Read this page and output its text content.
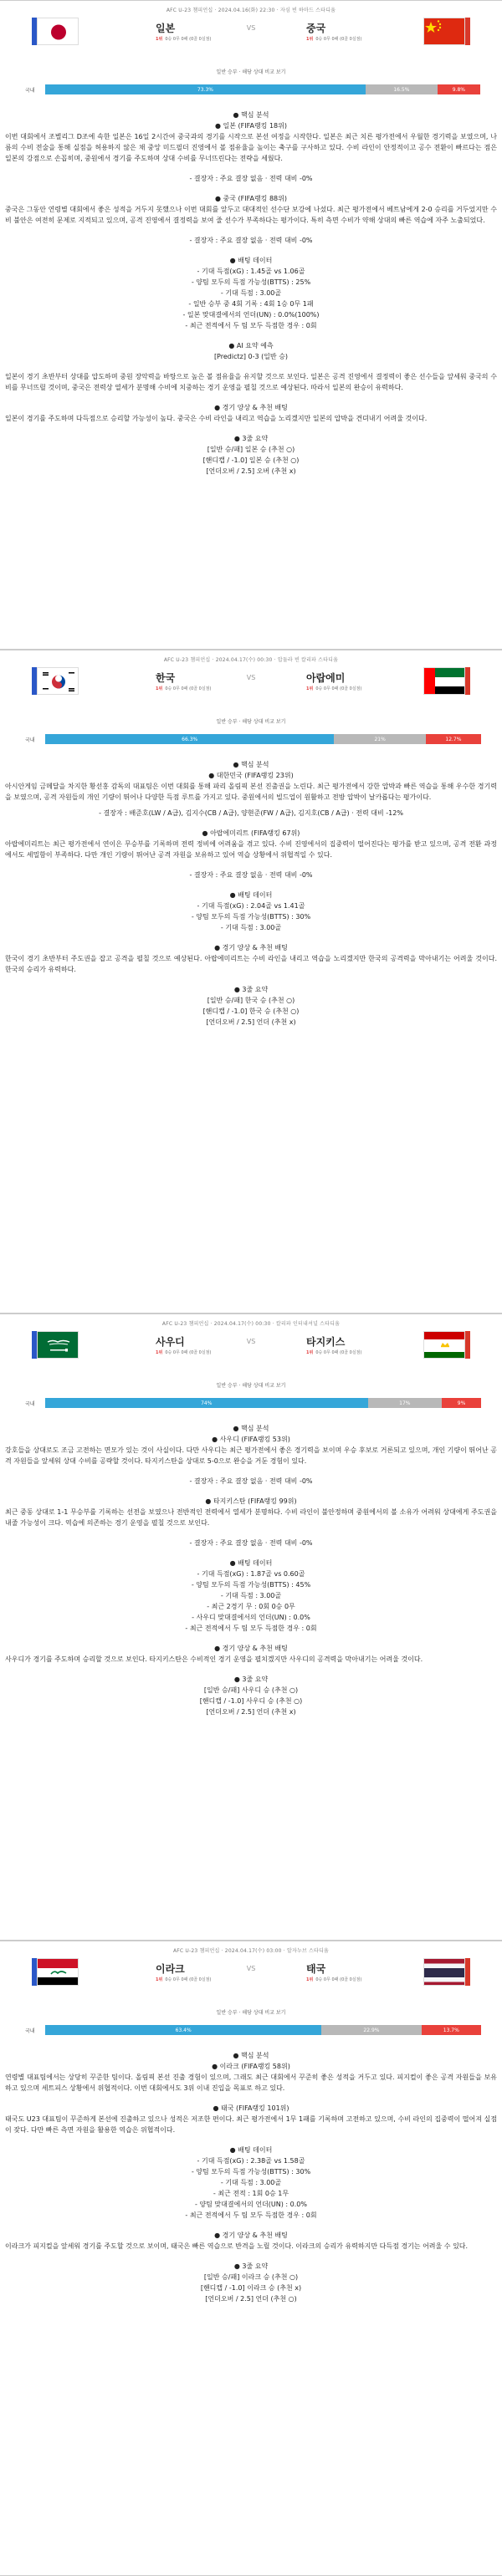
AFC U-23 챔피언십 · 2024.04.16(화) 22:30 · 자심 빈 하마드 스타디움
일본
1위 0승 0무 0패 (0골 0실점)
VS	중국
1위 0승 0무 0패 (0골 0실점)
일반 승부 · 해당 상대 비교 보기
국내	73.3%	16.5%	9.8%
● 핵심 분석
● 일본 (FIFA랭킹 18위)
이번 대회에서 조별리그 D조에 속한 일본은 16일 2시간여 중국과의 경기를 시작으로 본선 여정을 시작한다. 일본은 최근 치른 평가전에서 우월한 경기력을 보였으며, 나름의 수비 전술을 통해 실점을 허용하지 않은 채 중앙 미드필더 진영에서 볼 점유율을 높이는 축구를 구사하고 있다. 수비 라인이 안정적이고 공수 전환이 빠르다는 점은 일본의 강점으로 손꼽히며, 중원에서 경기를 주도하며 상대 수비를 무너뜨린다는 전략을 세웠다.
- 결장자 : 주요 결장 없음 · 전력 대비 -0%
● 중국 (FIFA랭킹 88위)
중국은 그동안 연령별 대회에서 좋은 성적을 거두지 못했으나 이번 대회를 앞두고 대대적인 선수단 보강에 나섰다. 최근 평가전에서 베트남에게 2-0 승리를 거두었지만 수비 불안은 여전히 문제로 지적되고 있으며, 공격 진영에서 결정력을 보여 줄 선수가 부족하다는 평가이다. 특히 측면 수비가 약해 상대의 빠른 역습에 자주 노출되었다.
- 결장자 : 주요 결장 없음 · 전력 대비 -0%
● 배팅 데이터
- 기대 득점(xG) : 1.45골 vs 1.06골
- 양팀 모두의 득점 가능성(BTTS) : 25%
- 기대 득점 : 3.00골
- 일반 승부 중 4회 기록 : 4회 1승 0무 1패
- 일본 맞대결에서의 언더(UN) : 0.0%(100%)
- 최근 전적에서 두 팀 모두 득점한 경우 : 0회
● AI 요약 예측
[Predictz] 0-3 (일반 승)
일본이 경기 초반부터 상대를 압도하며 중원 장악력을 바탕으로 높은 볼 점유율을 유지할 것으로 보인다. 일본은 공격 진영에서 결정력이 좋은 선수들을 앞세워 중국의 수비를 무너뜨릴 것이며, 중국은 전력상 열세가 분명해 수비에 치중하는 경기 운영을 펼칠 것으로 예상된다. 따라서 일본의 완승이 유력하다.
● 경기 양상 & 추천 배팅
일본이 경기를 주도하며 다득점으로 승리할 가능성이 높다. 중국은 수비 라인을 내리고 역습을 노리겠지만 일본의 압박을 견뎌내기 어려울 것이다.
● 3줄 요약
[일반 승/패] 일본 승 (추천 ○)
[핸디캡 / -1.0] 일본 승 (추천 ○)
[언더오버 / 2.5] 오버 (추천 x)
AFC U-23 챔피언십 · 2024.04.17(수) 00:30 · 압둘라 빈 칼리파 스타디움
한국
1위 0승 0무 0패 (0골 0실점)
VS	아랍에미
1위 0승 0무 0패 (0골 0실점)
일반 승부 · 해당 상대 비교 보기
국내	66.3%	21%	12.7%
● 핵심 분석
● 대한민국 (FIFA랭킹 23위)
아시안게임 금메달을 차지한 황선홍 감독의 대표팀은 이번 대회를 통해 파리 올림픽 본선 진출권을 노린다. 최근 평가전에서 강한 압박과 빠른 역습을 통해 우수한 경기력을 보였으며, 공격 자원들의 개인 기량이 뛰어나 다양한 득점 루트를 가지고 있다. 중원에서의 빌드업이 원활하고 전방 압박이 날카롭다는 평가이다.
- 결장자 : 배준호(LW / A급), 김지수(CB / A급), 양현준(FW / A급), 김지호(CB / A급) · 전력 대비 -12%
● 아랍에미리트 (FIFA랭킹 67위)
아랍에미리트는 최근 평가전에서 연이은 무승부를 기록하며 전력 정비에 어려움을 겪고 있다. 수비 진영에서의 집중력이 떨어진다는 평가를 받고 있으며, 공격 전환 과정에서도 세밀함이 부족하다. 다만 개인 기량이 뛰어난 공격 자원을 보유하고 있어 역습 상황에서 위협적일 수 있다.
- 결장자 : 주요 결장 없음 · 전력 대비 -0%
● 배팅 데이터
- 기대 득점(xG) : 2.04골 vs 1.41골
- 양팀 모두의 득점 가능성(BTTS) : 30%
- 기대 득점 : 3.00골
● 경기 양상 & 추천 배팅
한국이 경기 초반부터 주도권을 잡고 공격을 펼칠 것으로 예상된다. 아랍에미리트는 수비 라인을 내리고 역습을 노리겠지만 한국의 공격력을 막아내기는 어려울 것이다. 한국의 승리가 유력하다.
● 3줄 요약
[일반 승/패] 한국 승 (추천 ○)
[핸디캡 / -1.0] 한국 승 (추천 ○)
[언더오버 / 2.5] 언더 (추천 x)
AFC U-23 챔피언십 · 2024.04.17(수) 00:30 · 칼리파 인터내셔널 스타디움
사우디
1위 0승 0무 0패 (0골 0실점)
VS	타지키스
1위 0승 0무 0패 (0골 0실점)
일반 승부 · 해당 상대 비교 보기
국내	74%	17%	9%
● 핵심 분석
● 사우디 (FIFA랭킹 53위)
강호들을 상대로도 조금 고전하는 면모가 있는 것이 사실이다. 다만 사우디는 최근 평가전에서 좋은 경기력을 보이며 우승 후보로 거론되고 있으며, 개인 기량이 뛰어난 공격 자원들을 앞세워 상대 수비를 공략할 것이다. 타지키스탄을 상대로 5-0으로 완승을 거둔 경험이 있다.
- 결장자 : 주요 결장 없음 · 전력 대비 -0%
● 타지키스탄 (FIFA랭킹 99위)
최근 중동 상대로 1-1 무승부를 기록하는 선전을 보였으나 전반적인 전력에서 열세가 분명하다. 수비 라인이 불안정하며 중원에서의 볼 소유가 어려워 상대에게 주도권을 내줄 가능성이 크다. 역습에 의존하는 경기 운영을 펼칠 것으로 보인다.
- 결장자 : 주요 결장 없음 · 전력 대비 -0%
● 배팅 데이터
- 기대 득점(xG) : 1.87골 vs 0.60골
- 양팀 모두의 득점 가능성(BTTS) : 45%
- 기대 득점 : 3.00골
- 최근 2경기 무 : 0회 0승 0무
- 사우디 맞대결에서의 언더(UN) : 0.0%
- 최근 전적에서 두 팀 모두 득점한 경우 : 0회
● 경기 양상 & 추천 배팅
사우디가 경기를 주도하며 승리할 것으로 보인다. 타지키스탄은 수비적인 경기 운영을 펼치겠지만 사우디의 공격력을 막아내기는 어려울 것이다.
● 3줄 요약
[일반 승/패] 사우디 승 (추천 ○)
[핸디캡 / -1.0] 사우디 승 (추천 ○)
[언더오버 / 2.5] 언더 (추천 x)
AFC U-23 챔피언십 · 2024.04.17(수) 03:00 · 알자누브 스타디움
이라크
1위 0승 0무 0패 (0골 0실점)
VS	태국
1위 0승 0무 0패 (0골 0실점)
일반 승부 · 해당 상대 비교 보기
국내	63.4%	22.9%	13.7%
● 핵심 분석
● 이라크 (FIFA랭킹 58위)
연령별 대표팀에서는 상당히 꾸준한 팀이다. 올림픽 본선 진출 경험이 있으며, 그래도 최근 대회에서 꾸준히 좋은 성적을 거두고 있다. 피지컬이 좋은 공격 자원들을 보유하고 있으며 세트피스 상황에서 위협적이다. 이번 대회에서도 3위 이내 진입을 목표로 하고 있다.
● 태국 (FIFA랭킹 101위)
태국도 U23 대표팀이 꾸준하게 본선에 진출하고 있으나 성적은 저조한 편이다. 최근 평가전에서 1무 1패를 기록하며 고전하고 있으며, 수비 라인의 집중력이 떨어져 실점이 잦다. 다만 빠른 측면 자원을 활용한 역습은 위협적이다.
● 배팅 데이터
- 기대 득점(xG) : 2.38골 vs 1.58골
- 양팀 모두의 득점 가능성(BTTS) : 30%
- 기대 득점 : 3.00골
- 최근 전적 : 1회 0승 1무
- 양팀 맞대결에서의 언더(UN) : 0.0%
- 최근 전적에서 두 팀 모두 득점한 경우 : 0회
● 경기 양상 & 추천 배팅
이라크가 피지컬을 앞세워 경기를 주도할 것으로 보이며, 태국은 빠른 역습으로 반격을 노릴 것이다. 이라크의 승리가 유력하지만 다득점 경기는 어려울 수 있다.
● 3줄 요약
[일반 승/패] 이라크 승 (추천 ○)
[핸디캡 / -1.0] 이라크 승 (추천 x)
[언더오버 / 2.5] 언더 (추천 ○)
